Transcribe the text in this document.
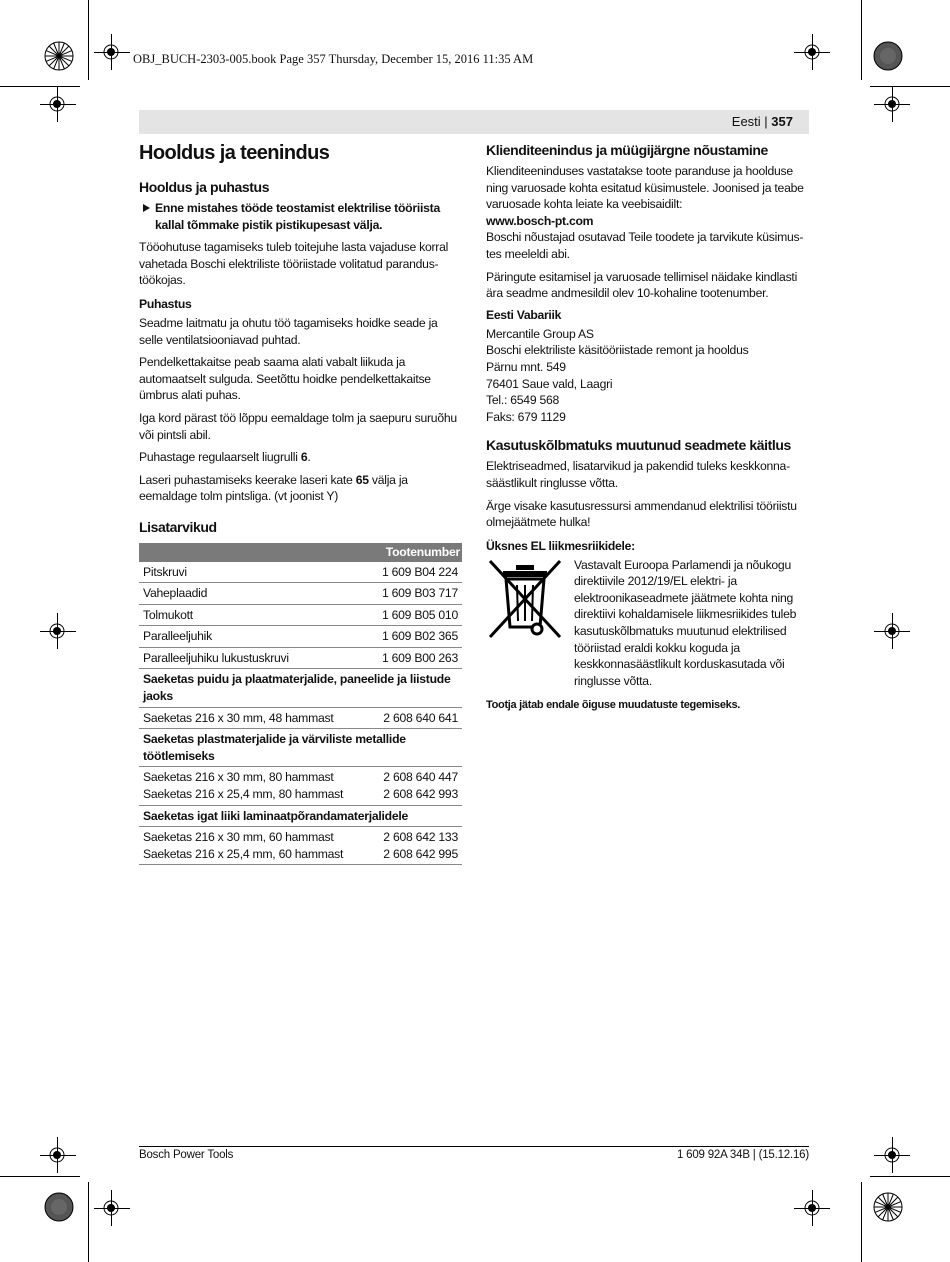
OBJ_BUCH-2303-005.book Page 357 Thursday, December 15, 2016 11:35 AM
Eesti | 357
Hooldus ja teenindus
Hooldus ja puhastus
Enne mistahes tööde teostamist elektrilise tööriista kallal tõmmake pistik pistikupesast välja.
Tööohutuse tagamiseks tuleb toitejuhe lasta vajaduse korral vahetada Boschi elektriliste tööriistade volitatud parandustöökojas.
Puhastus
Seadme laitmatu ja ohutu töö tagamiseks hoidke seade ja selle ventilatsiooniavad puhtad.
Pendelkettakaitse peab saama alati vabalt liikuda ja automaatselt sulguda. Seetõttu hoidke pendelkettakaitse ümbrus alati puhas.
Iga kord pärast töö lõppu eemaldage tolm ja saepuru suruõhu või pintsli abil.
Puhastage regulaarselt liugrulli 6.
Laseri puhastamiseks keerake laseri kate 65 välja ja eemaldage tolm pintsliga. (vt joonist Y)
Lisatarvikud
Tootenumber	
Pitskruvi	1 609 B04 224
Vaheplaadid	1 609 B03 717
Tolmukott	1 609 B05 010
Paralleeljuhik	1 609 B02 365
Paralleeljuhiku lukustuskruvi	1 609 B00 263
Saeketas puidu ja plaatmaterjalide, paneelide ja liistude jaoks	
Saeketas 216 x 30 mm, 48 hammast	2 608 640 641
Saeketas plastmaterjalide ja värviliste metallide töötlemiseks	
Saeketas 216 x 30 mm, 80 hammast	2 608 640 447
Saeketas 216 x 25,4 mm, 80 hammast	2 608 642 993
Saeketas igat liiki laminaatpõrandamaterjalidele	
Saeketas 216 x 30 mm, 60 hammast	2 608 642 133
Saeketas 216 x 25,4 mm, 60 hammast	2 608 642 995
Klienditeenindus ja müügijärgne nõustamine
Klienditeeninduses vastatakse toote paranduse ja hoolduse ning varuosade kohta esitatud küsimustele. Joonised ja teabe varuosade kohta leiate ka veebisaidilt:
www.bosch-pt.com
Boschi nõustajad osutavad Teile toodete ja tarvikute küsimustes meeleldi abi.
Päringute esitamisel ja varuosade tellimisel näidake kindlasti ära seadme andmesildil olev 10-kohaline tootenumber.
Eesti Vabariik
Mercantile Group AS
Boschi elektriliste käsitööriistade remont ja hooldus
Pärnu mnt. 549
76401 Saue vald, Laagri
Tel.: 6549 568
Faks: 679 1129
Kasutuskõlbmatuks muutunud seadmete käitlus
Elektriseadmed, lisatarvikud ja pakendid tuleks keskkonnasäästlikult ringlusse võtta.
Ärge visake kasutusressursi ammendanud elektrilisi tööriistu olmejäätmete hulka!
Üksnes EL liikmesriikidele:
Vastavalt Euroopa Parlamendi ja nõukogu direktiivile 2012/19/EL elektri- ja elektroonikaseadmete jäätmete kohta ning direktiivi kohaldamisele liikmesriikides tuleb kasutuskõlbmatuks muutunud elektrilised tööriistad eraldi kokku koguda ja keskkonnasäästlikult korduskasutada või ringlusse võtta.
Tootja jätab endale õiguse muudatuste tegemiseks.
Bosch Power Tools	1 609 92A 34B | (15.12.16)
